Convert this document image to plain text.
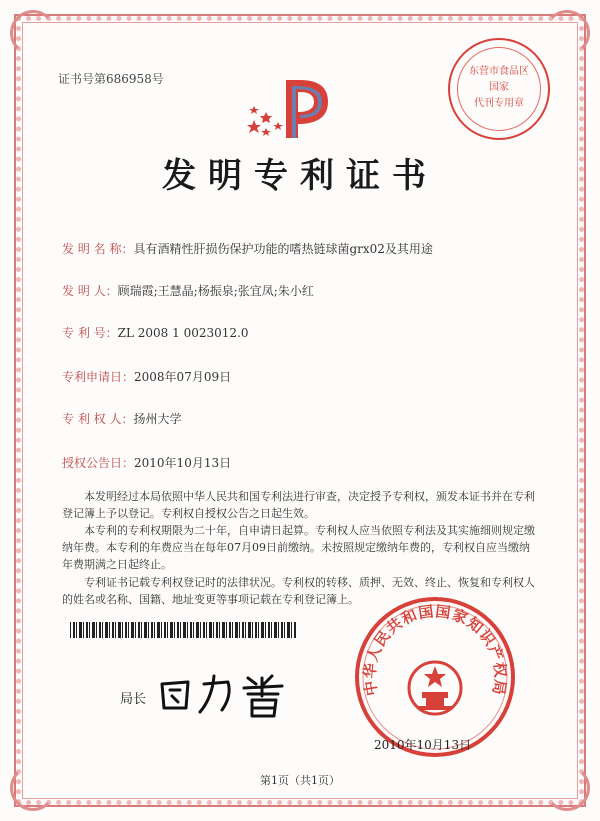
证书号第686958号
东营市食品区
国家
代刊专用章
发明专利证书
发 明 名 称：具有酒精性肝损伤保护功能的嗜热链球菌grx02及其用途
发 明 人：顾瑞霞;王慧晶;杨振泉;张宜凤;朱小红
专 利 号：ZL 2008 1 0023012.0
专利申请日：2008年07月09日
专 利 权 人：扬州大学
授权公告日：2010年10月13日
本发明经过本局依照中华人民共和国专利法进行审查，决定授予专利权，颁发本证书并在专利登记簿上予以登记。专利权自授权公告之日起生效。
本专利的专利权期限为二十年，自申请日起算。专利权人应当依照专利法及其实施细则规定缴纳年费。本专利的年费应当在每年07月09日前缴纳。未按照规定缴纳年费的，专利权自应当缴纳年费期满之日起终止。
专利证书记载专利权登记时的法律状况。专利权的转移、质押、无效、终止、恢复和专利权人的姓名或名称、国籍、地址变更等事项记载在专利登记簿上。
局长
中华人民共和国国家知识产权局
2010年10月13日
第1页（共1页）
